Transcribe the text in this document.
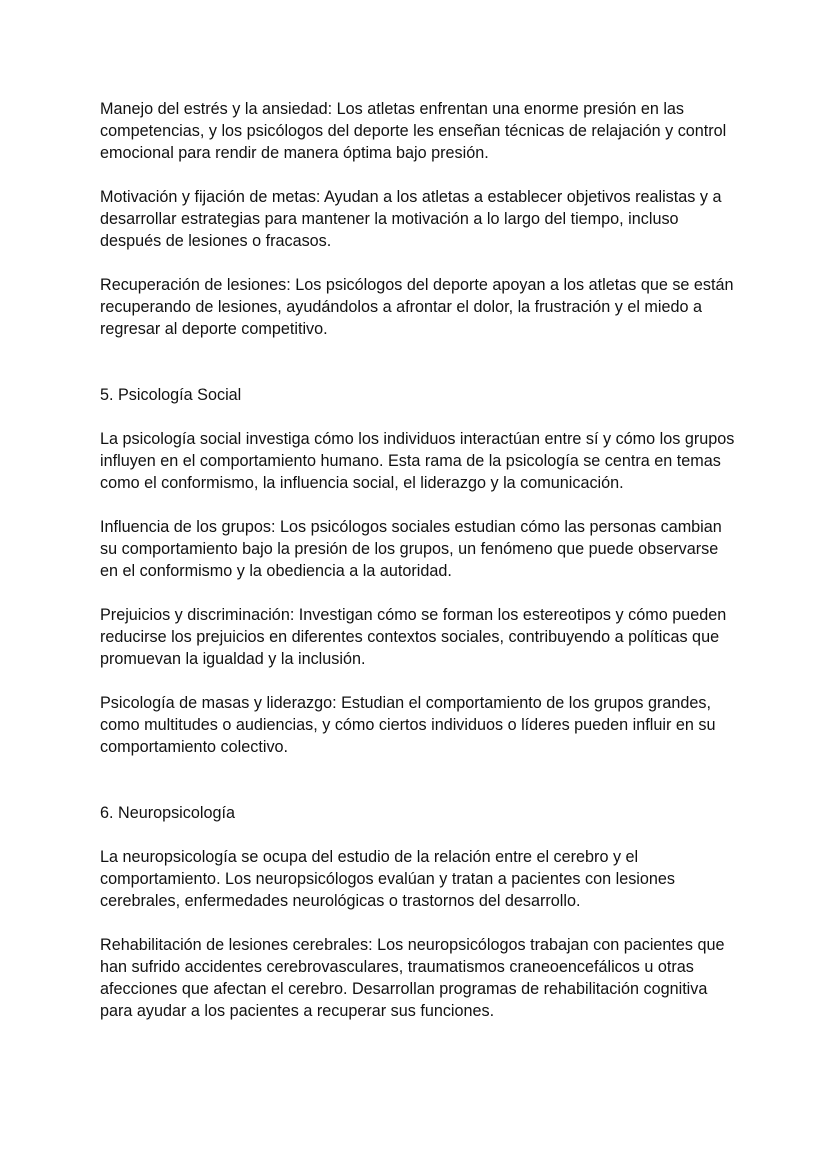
Manejo del estrés y la ansiedad: Los atletas enfrentan una enorme presión en las competencias, y los psicólogos del deporte les enseñan técnicas de relajación y control emocional para rendir de manera óptima bajo presión.

Motivación y fijación de metas: Ayudan a los atletas a establecer objetivos realistas y a desarrollar estrategias para mantener la motivación a lo largo del tiempo, incluso después de lesiones o fracasos.

Recuperación de lesiones: Los psicólogos del deporte apoyan a los atletas que se están recuperando de lesiones, ayudándolos a afrontar el dolor, la frustración y el miedo a regresar al deporte competitivo.

5. Psicología Social

La psicología social investiga cómo los individuos interactúan entre sí y cómo los grupos influyen en el comportamiento humano. Esta rama de la psicología se centra en temas como el conformismo, la influencia social, el liderazgo y la comunicación.

Influencia de los grupos: Los psicólogos sociales estudian cómo las personas cambian su comportamiento bajo la presión de los grupos, un fenómeno que puede observarse en el conformismo y la obediencia a la autoridad.

Prejuicios y discriminación: Investigan cómo se forman los estereotipos y cómo pueden reducirse los prejuicios en diferentes contextos sociales, contribuyendo a políticas que promuevan la igualdad y la inclusión.

Psicología de masas y liderazgo: Estudian el comportamiento de los grupos grandes, como multitudes o audiencias, y cómo ciertos individuos o líderes pueden influir en su comportamiento colectivo.

6. Neuropsicología

La neuropsicología se ocupa del estudio de la relación entre el cerebro y el comportamiento. Los neuropsicólogos evalúan y tratan a pacientes con lesiones cerebrales, enfermedades neurológicas o trastornos del desarrollo.

Rehabilitación de lesiones cerebrales: Los neuropsicólogos trabajan con pacientes que han sufrido accidentes cerebrovasculares, traumatismos craneoencefálicos u otras afecciones que afectan el cerebro. Desarrollan programas de rehabilitación cognitiva para ayudar a los pacientes a recuperar sus funciones.
